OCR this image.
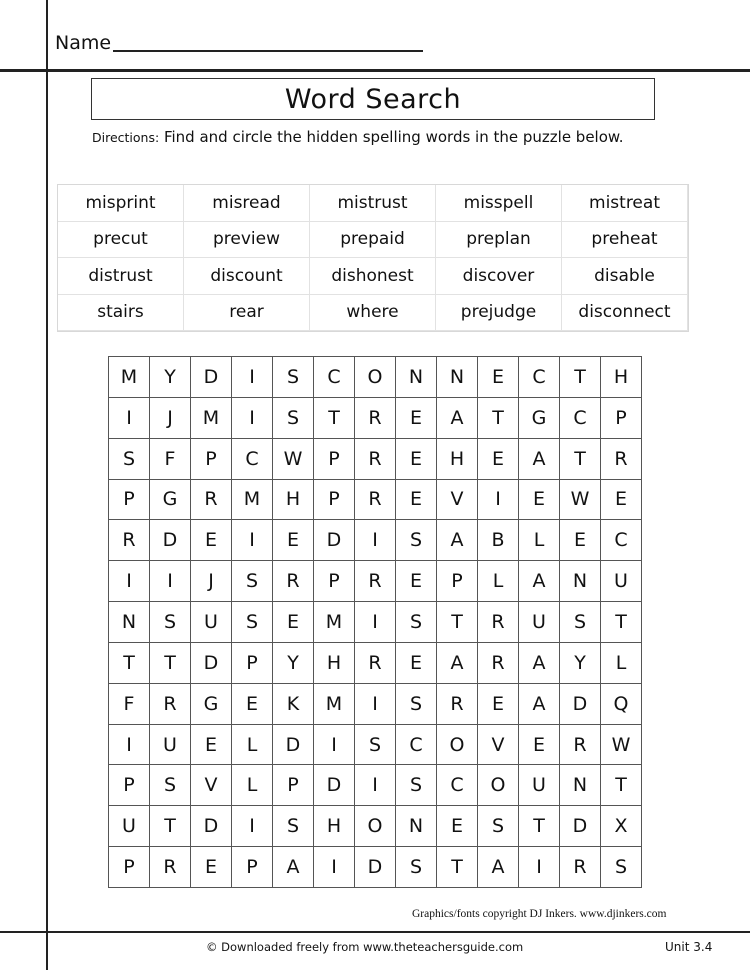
Name
Word Search
Directions: Find and circle the hidden spelling words in the puzzle below.
misprint	misread	mistrust	misspell	mistreat
precut	preview	prepaid	preplan	preheat
distrust	discount	dishonest	discover	disable
stairs	rear	where	prejudge	disconnect
M	Y	D	I	S	C	O	N	N	E	C	T	H
I	J	M	I	S	T	R	E	A	T	G	C	P
S	F	P	C	W	P	R	E	H	E	A	T	R
P	G	R	M	H	P	R	E	V	I	E	W	E
R	D	E	I	E	D	I	S	A	B	L	E	C
I	I	J	S	R	P	R	E	P	L	A	N	U
N	S	U	S	E	M	I	S	T	R	U	S	T
T	T	D	P	Y	H	R	E	A	R	A	Y	L
F	R	G	E	K	M	I	S	R	E	A	D	Q
I	U	E	L	D	I	S	C	O	V	E	R	W
P	S	V	L	P	D	I	S	C	O	U	N	T
U	T	D	I	S	H	O	N	E	S	T	D	X
P	R	E	P	A	I	D	S	T	A	I	R	S
Graphics/fonts copyright DJ Inkers. www.djinkers.com
© Downloaded freely from www.theteachersguide.com	Unit 3.4
